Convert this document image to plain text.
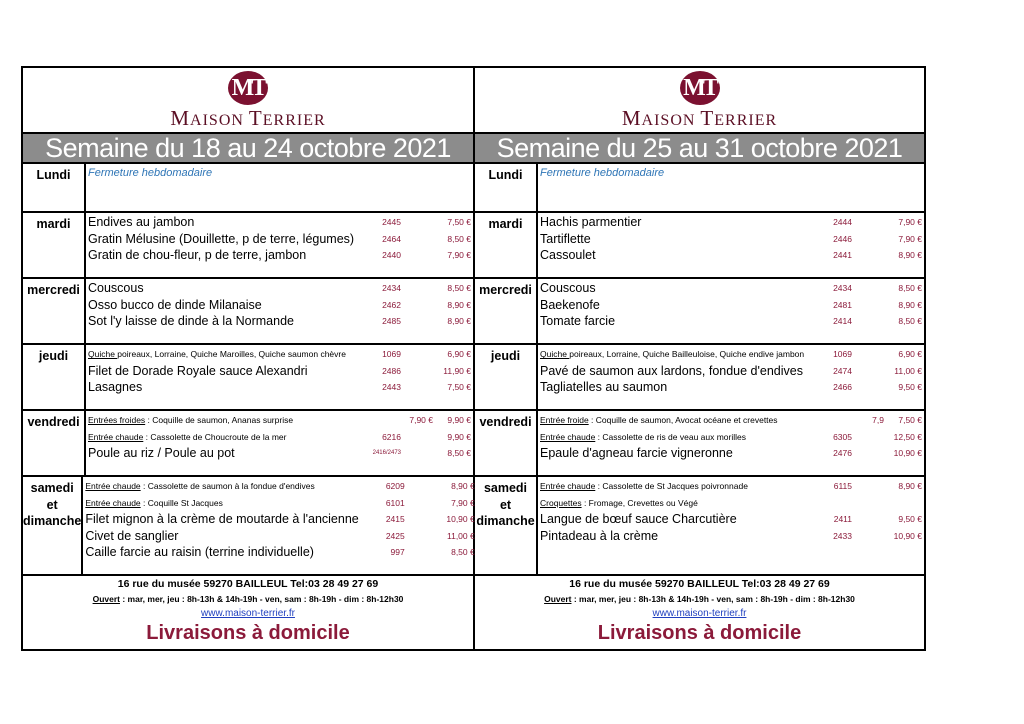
MT
MAISON TERRIER
Semaine du 18 au 24 octobre 2021
Lundi	Fermeture hebdomadaire
mardi	Endives au jambon	2445	7,50 €
Gratin Mélusine (Douillette, p de terre, légumes)	2464	8,50 €
Gratin de chou-fleur, p de terre, jambon	2440	7,90 €
mercredi Couscous	2434	8,50 €
Osso bucco de dinde Milanaise	2462	8,90 €
Sot l'y laisse de dinde à la Normande	2485	8,90 €
jeudi	Quiche poireaux, Lorraine, Quiche Maroilles, Quiche saumon chèvre	1069	6,90 €
Filet de Dorade Royale sauce Alexandri	2486	11,90 €
Lasagnes	2443	7,50 €
vendredi Entrées froides : Coquille de saumon, Ananas surprise	7,90 €	9,90 €
Entrée chaude : Cassolette de Choucroute de la mer	6216	9,90 €
Poule au riz / Poule au pot	2416/2473	8,50 €
samedi
et
dimanche
Entrée chaude : Cassolette de saumon à la fondue d'endives	6209	8,90 €
Entrée chaude : Coquille St Jacques	6101	7,90 €
Filet mignon à la crème de moutarde à l'ancienne	2415	10,90 €
Civet de sanglier	2425	11,00 €
Caille farcie au raisin (terrine individuelle)	997	8,50 €
16 rue du musée 59270 BAILLEUL Tel:03 28 49 27 69
Ouvert : mar, mer, jeu : 8h-13h & 14h-19h - ven, sam : 8h-19h - dim : 8h-12h30
www.maison-terrier.fr
Livraisons à domicile
MT
MAISON TERRIER
Semaine du 25 au 31 octobre 2021
Lundi	Fermeture hebdomadaire
mardi	Hachis parmentier	2444	7,90 €
Tartiflette	2446	7,90 €
Cassoulet	2441	8,90 €
mercredi Couscous	2434	8,50 €
Baekenofe	2481	8,90 €
Tomate farcie	2414	8,50 €
jeudi	Quiche poireaux, Lorraine, Quiche Bailleuloise, Quiche endive jambon	1069	6,90 €
Pavé de saumon aux lardons, fondue d'endives	2474	11,00 €
Tagliatelles au saumon	2466	9,50 €
vendredi Entrée froide : Coquille de saumon, Avocat océane et crevettes	7,9	7,50 €
Entrée chaude : Cassolette de ris de veau aux morilles	6305	12,50 €
Epaule d'agneau farcie vigneronne	2476	10,90 €
samedi
et
dimanche
Entrée chaude : Cassolette de St Jacques poivronnade	6115	8,90 €
Croquettes : Fromage, Crevettes ou Végé
Langue de bœuf sauce Charcutière	2411	9,50 €
Pintadeau à la crème	2433	10,90 €
16 rue du musée 59270 BAILLEUL Tel:03 28 49 27 69
Ouvert : mar, mer, jeu : 8h-13h & 14h-19h - ven, sam : 8h-19h - dim : 8h-12h30
www.maison-terrier.fr
Livraisons à domicile
